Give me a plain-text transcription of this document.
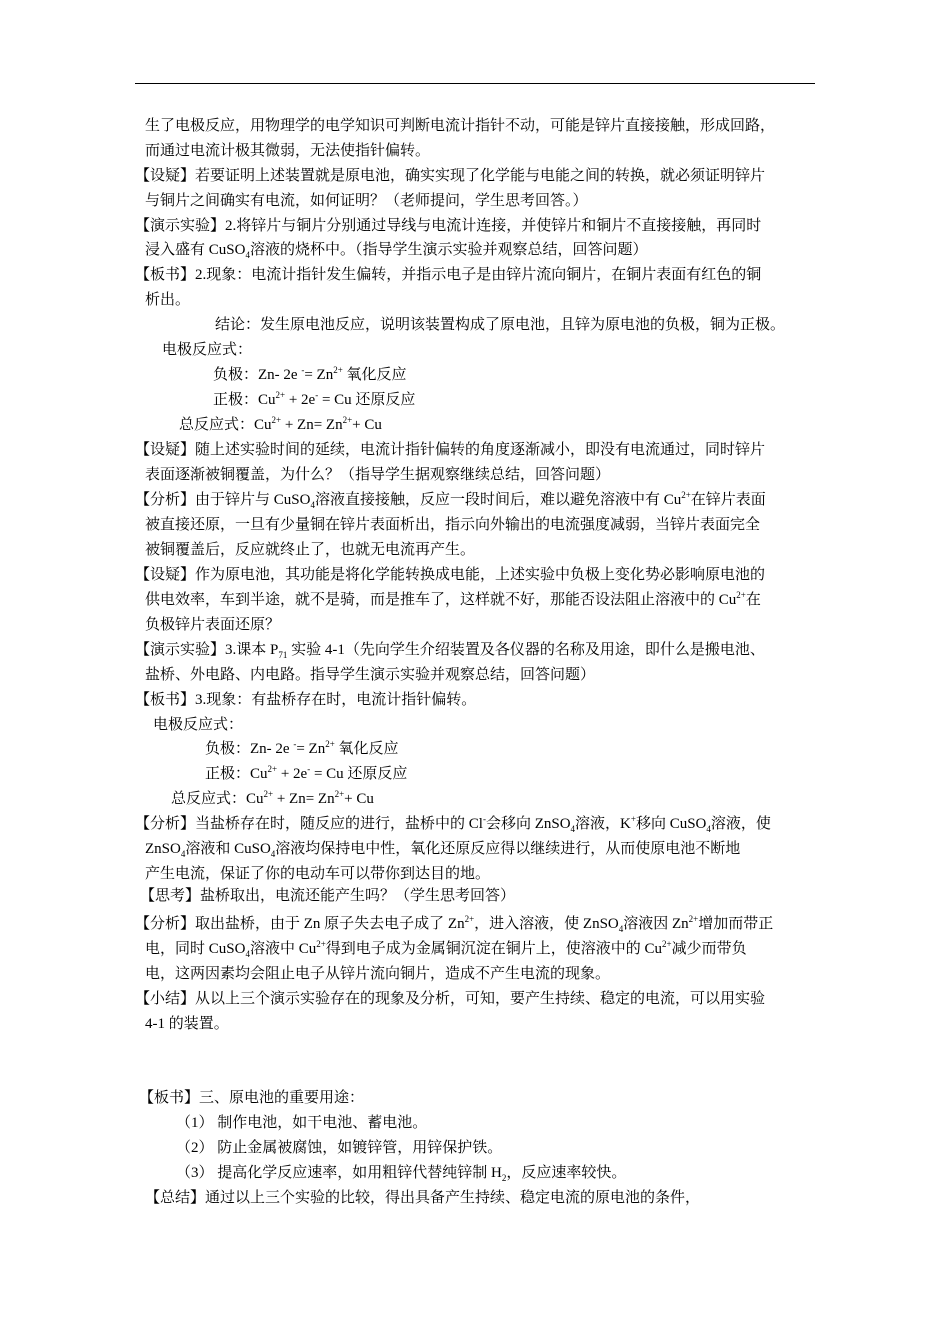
生了电极反应，用物理学的电学知识可判断电流计指针不动，可能是锌片直接接触，形成回路，
而通过电流计极其微弱，无法使指针偏转。
【设疑】若要证明上述装置就是原电池，确实实现了化学能与电能之间的转换，就必须证明锌片
与铜片之间确实有电流，如何证明？（老师提问，学生思考回答。）
【演示实验】2.将锌片与铜片分别通过导线与电流计连接，并使锌片和铜片不直接接触，再同时
浸入盛有 CuSO$_4$溶液的烧杯中。（指导学生演示实验并观察总结，回答问题）
【板书】2.现象：电流计指针发生偏转，并指示电子是由锌片流向铜片，在铜片表面有红色的铜
析出。
结论：发生原电池反应，说明该装置构成了原电池，且锌为原电池的负极，铜为正极。
电极反应式：
负极：Zn- 2e $^-= Zn^{2+}$ 氧化反应
正极：$Cu^{2+} + 2e^- = Cu$ 还原反应
总反应式：$Cu^{2+} + Zn= Zn^{2+}+ Cu$
【设疑】随上述实验时间的延续，电流计指针偏转的角度逐渐减小，即没有电流通过，同时锌片
表面逐渐被铜覆盖，为什么？（指导学生据观察继续总结，回答问题）
【分析】由于锌片与 CuSO$_4$溶液直接接触，反应一段时间后，难以避免溶液中有 $Cu^{2+}$在锌片表面
被直接还原，一旦有少量铜在锌片表面析出，指示向外输出的电流强度减弱，当锌片表面完全
被铜覆盖后，反应就终止了，也就无电流再产生。
【设疑】作为原电池，其功能是将化学能转换成电能，上述实验中负极上变化势必影响原电池的
供电效率，车到半途，就不是骑，而是推车了，这样就不好，那能否设法阻止溶液中的 $Cu^{2+}$在
负极锌片表面还原？
【演示实验】3.课本 $P_{71}$ 实验 4-1（先向学生介绍装置及各仪器的名称及用途，即什么是搬电池、
盐桥、外电路、内电路。指导学生演示实验并观察总结，回答问题）
【板书】3.现象：有盐桥存在时，电流计指针偏转。
电极反应式：
负极：Zn- 2e $^-= Zn^{2+}$ 氧化反应
正极：$Cu^{2+} + 2e^- = Cu$ 还原反应
总反应式：$Cu^{2+} + Zn= Zn^{2+}+ Cu$
【分析】当盐桥存在时，随反应的进行，盐桥中的 Cl-会移向 ZnSO$_4$溶液，K+移向 CuSO$_4$溶液，使
ZnSO$_4$溶液和 CuSO$_4$溶液均保持电中性，氧化还原反应得以继续进行，从而使原电池不断地
产生电流，保证了你的电动车可以带你到达目的地。
【思考】盐桥取出，电流还能产生吗？（学生思考回答）
【分析】取出盐桥，由于 Zn 原子失去电子成了 $Zn^{2+}$，进入溶液，使 ZnSO$_4$溶液因 $Zn^{2+}$增加而带正
电，同时 CuSO$_4$溶液中 $Cu^{2+}$得到电子成为金属铜沉淀在铜片上，使溶液中的 $Cu^{2+}$减少而带负
电，这两因素均会阻止电子从锌片流向铜片，造成不产生电流的现象。
【小结】从以上三个演示实验存在的现象及分析，可知，要产生持续、稳定的电流，可以用实验
4-1 的装置。
【板书】三、原电池的重要用途：
（1） 制作电池，如干电池、蓄电池。
（2） 防止金属被腐蚀，如镀锌管，用锌保护铁。
（3） 提高化学反应速率，如用粗锌代替纯锌制 $H_2$，反应速率较快。
【总结】通过以上三个实验的比较，得出具备产生持续、稳定电流的原电池的条件，
